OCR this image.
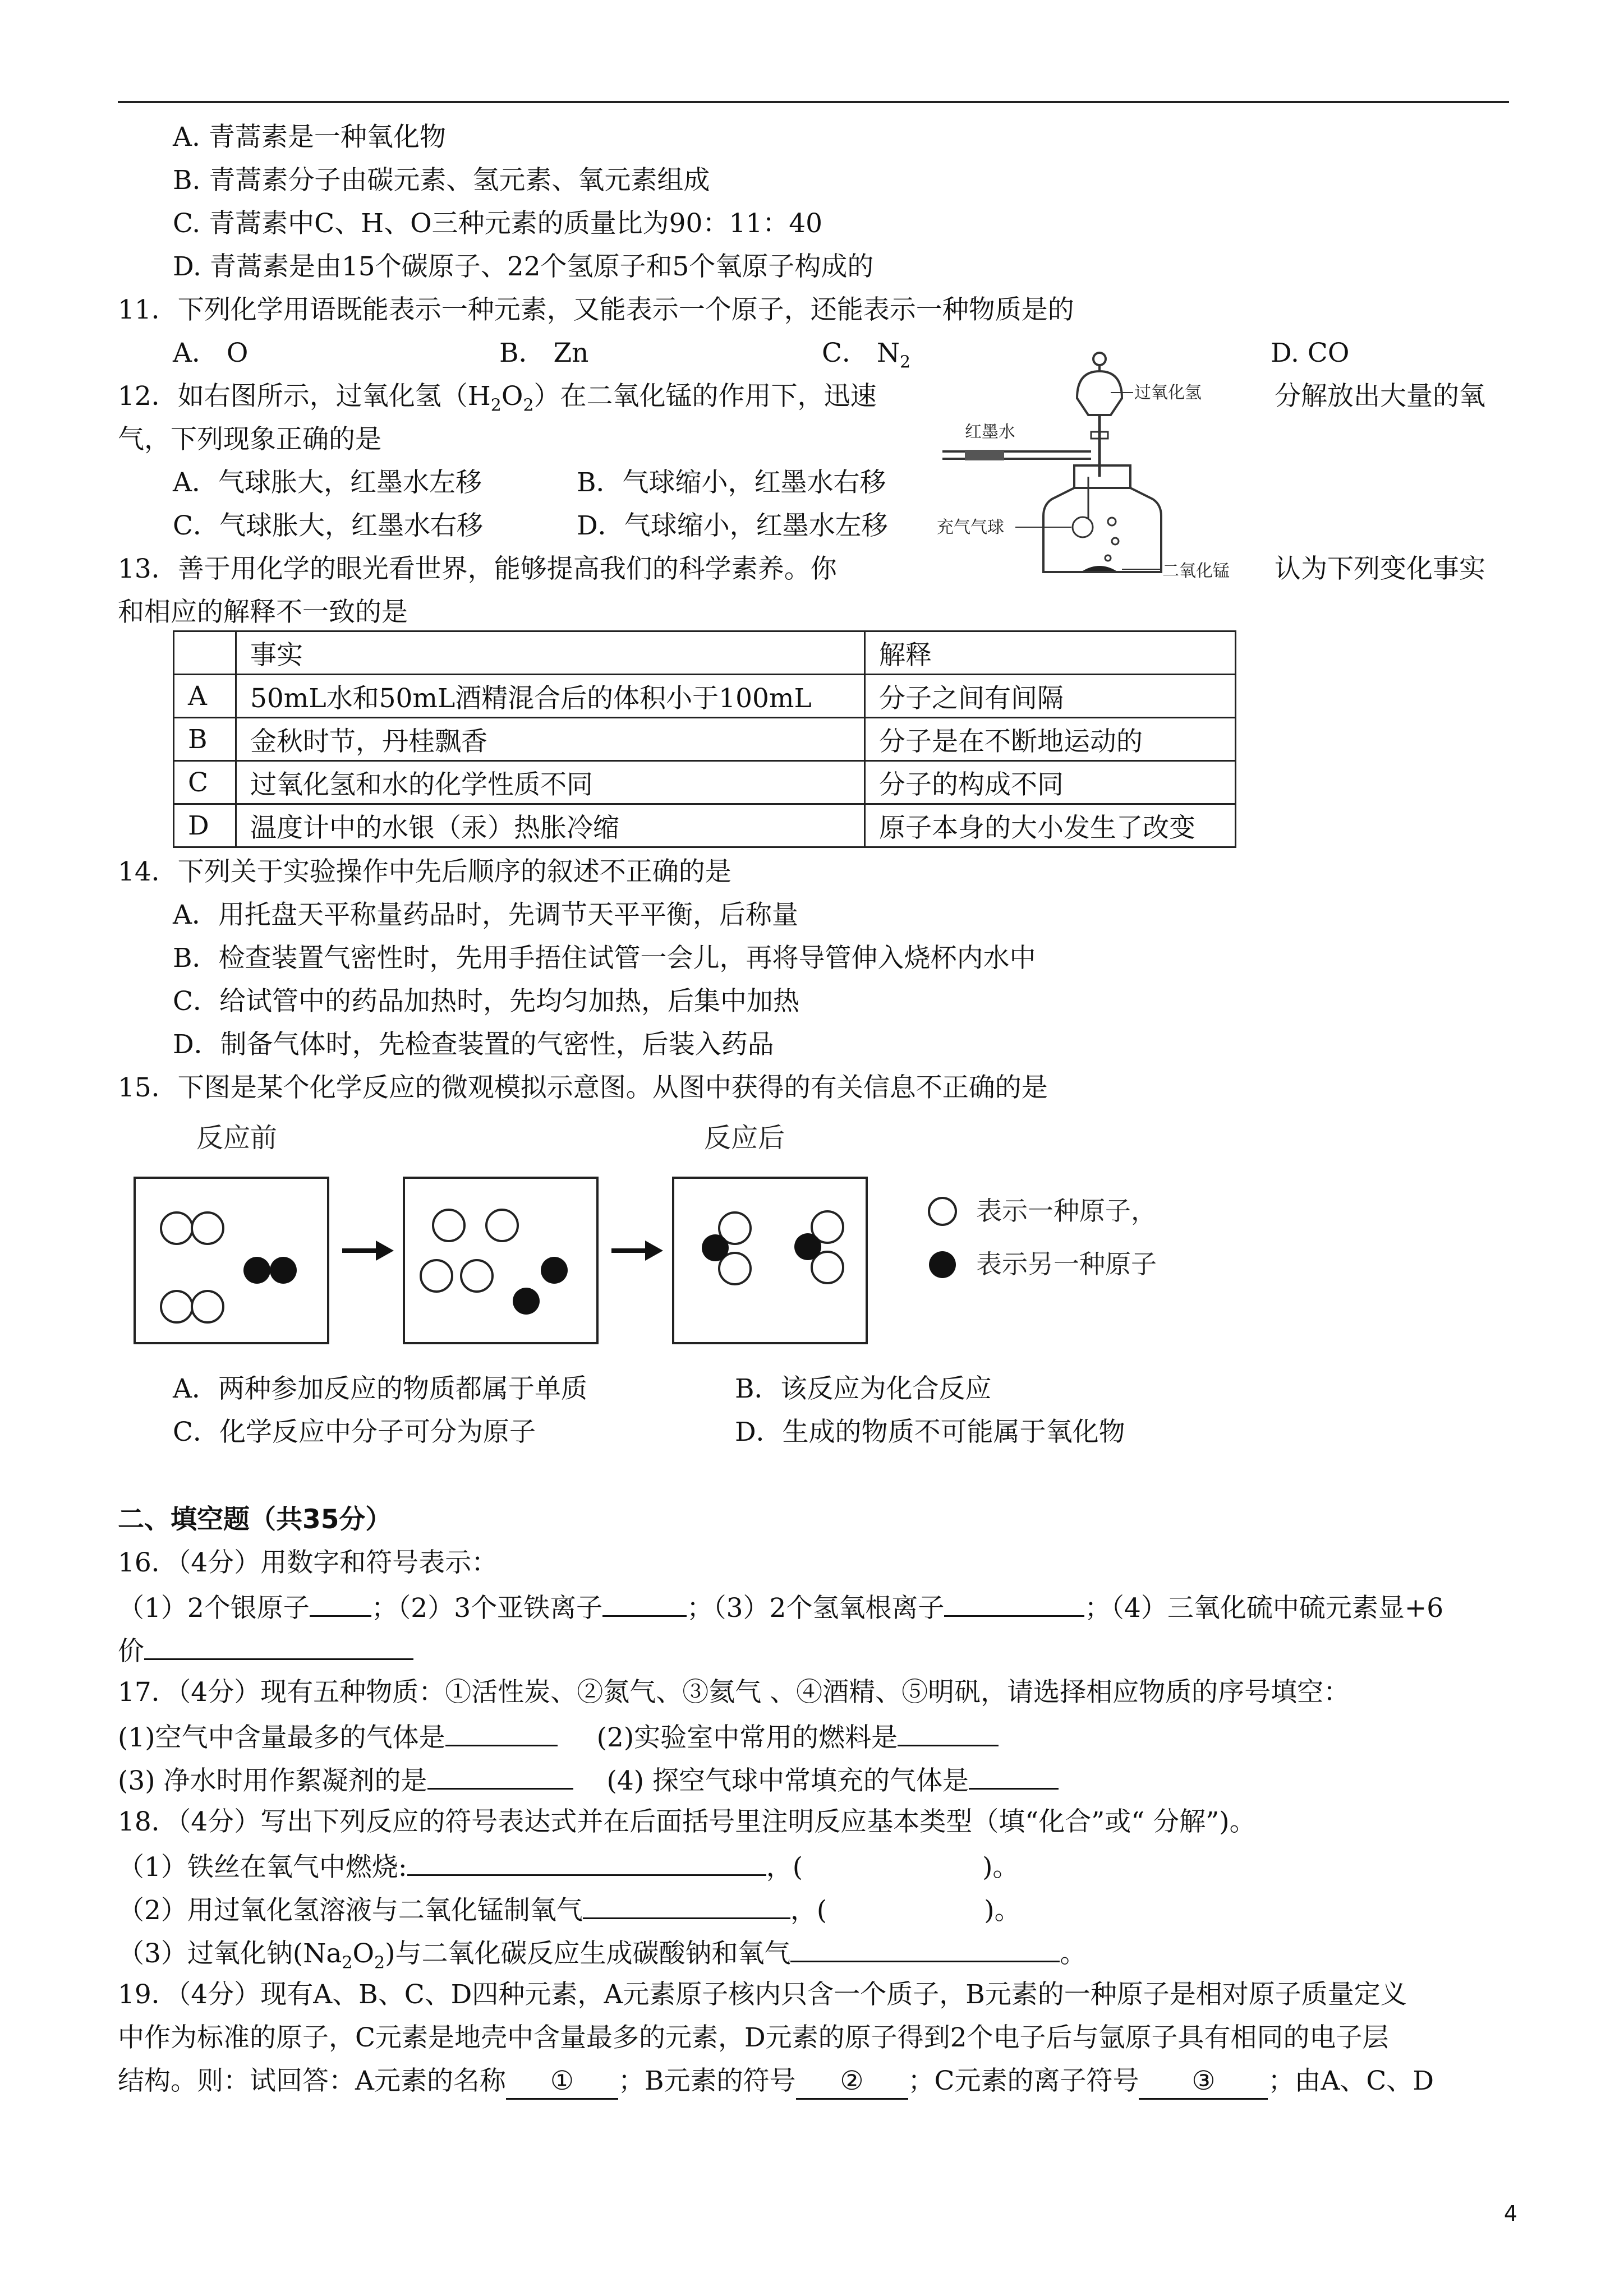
A. 青蒿素是一种氧化物
B. 青蒿素分子由碳元素、氢元素、氧元素组成
C. 青蒿素中C、H、O三种元素的质量比为90：11：40
D. 青蒿素是由15个碳原子、22个氢原子和5个氧原子构成的
11．下列化学用语既能表示一种元素，又能表示一个原子，还能表示一种物质是的
A． O	B． Zn	C． $N_2$	D. CO
12．如右图所示，过氧化氢$(H_2O_2)$在二氧化锰的作用下，迅速	分解放出大量的氧
气，下列现象正确的是
A．气球胀大，红墨水左移	B．气球缩小，红墨水右移
C．气球胀大，红墨水右移	D．气球缩小，红墨水左移
红墨水
过氧化氢
充气气球
二氧化锰
13．善于用化学的眼光看世界，能够提高我们的科学素养。你	认为下列变化事实
和相应的解释不一致的是
	事实	解释
A	50mL水和50mL酒精混合后的体积小于100mL	分子之间有间隔
B	金秋时节，丹桂飘香	分子是在不断地运动的
C	过氧化氢和水的化学性质不同	分子的构成不同
D	温度计中的水银（汞）热胀冷缩	原子本身的大小发生了改变
14．下列关于实验操作中先后顺序的叙述不正确的是
A．用托盘天平称量药品时，先调节天平平衡，后称量
B．检查装置气密性时，先用手捂住试管一会儿，再将导管伸入烧杯内水中
C．给试管中的药品加热时，先均匀加热，后集中加热
D．制备气体时，先检查装置的气密性，后装入药品
15．下图是某个化学反应的微观模拟示意图。从图中获得的有关信息不正确的是
反应前	反应后
表示一种原子，
表示另一种原子
A．两种参加反应的物质都属于单质	B．该反应为化合反应
C．化学反应中分子可分为原子	D．生成的物质不可能属于氧化物
二、填空题（共35分）
16．（4分）用数字和符号表示：
（1）2个银原子 ；（2）3个亚铁离子	；（3）2个氢氧根离子	；（4）三氧化硫中硫元素显+6
价
17．（4分）现有五种物质：①活性炭、②氮气、③氦气 、④酒精、⑤明矾，请选择相应物质的序号填空：
(1)空气中含量最多的气体是	(2)实验室中常用的燃料是
(3) 净水时用作絮凝剂的是	(4) 探空气球中常填充的气体是
18．（4分）写出下列反应的符号表达式并在后面括号里注明反应基本类型（填“化合”或“ 分解”)。
（1）铁丝在氧气中燃烧:	，(	)。
（2）用过氧化氢溶液与二氧化锰制氧气	，(	)。
（3）过氧化钠$(Na_2O_2)$与二氧化碳反应生成碳酸钠和氧气	。
19．（4分）现有A、B、C、D四种元素，A元素原子核内只含一个质子，B元素的一种原子是相对原子质量定义
中作为标准的原子，C元素是地壳中含量最多的元素，D元素的原子得到2个电子后与氩原子具有相同的电子层
结构。则：试回答：A元素的名称 ① ；B元素的符号 ② ；C元素的离子符号 ③ ；由A、C、D
4
